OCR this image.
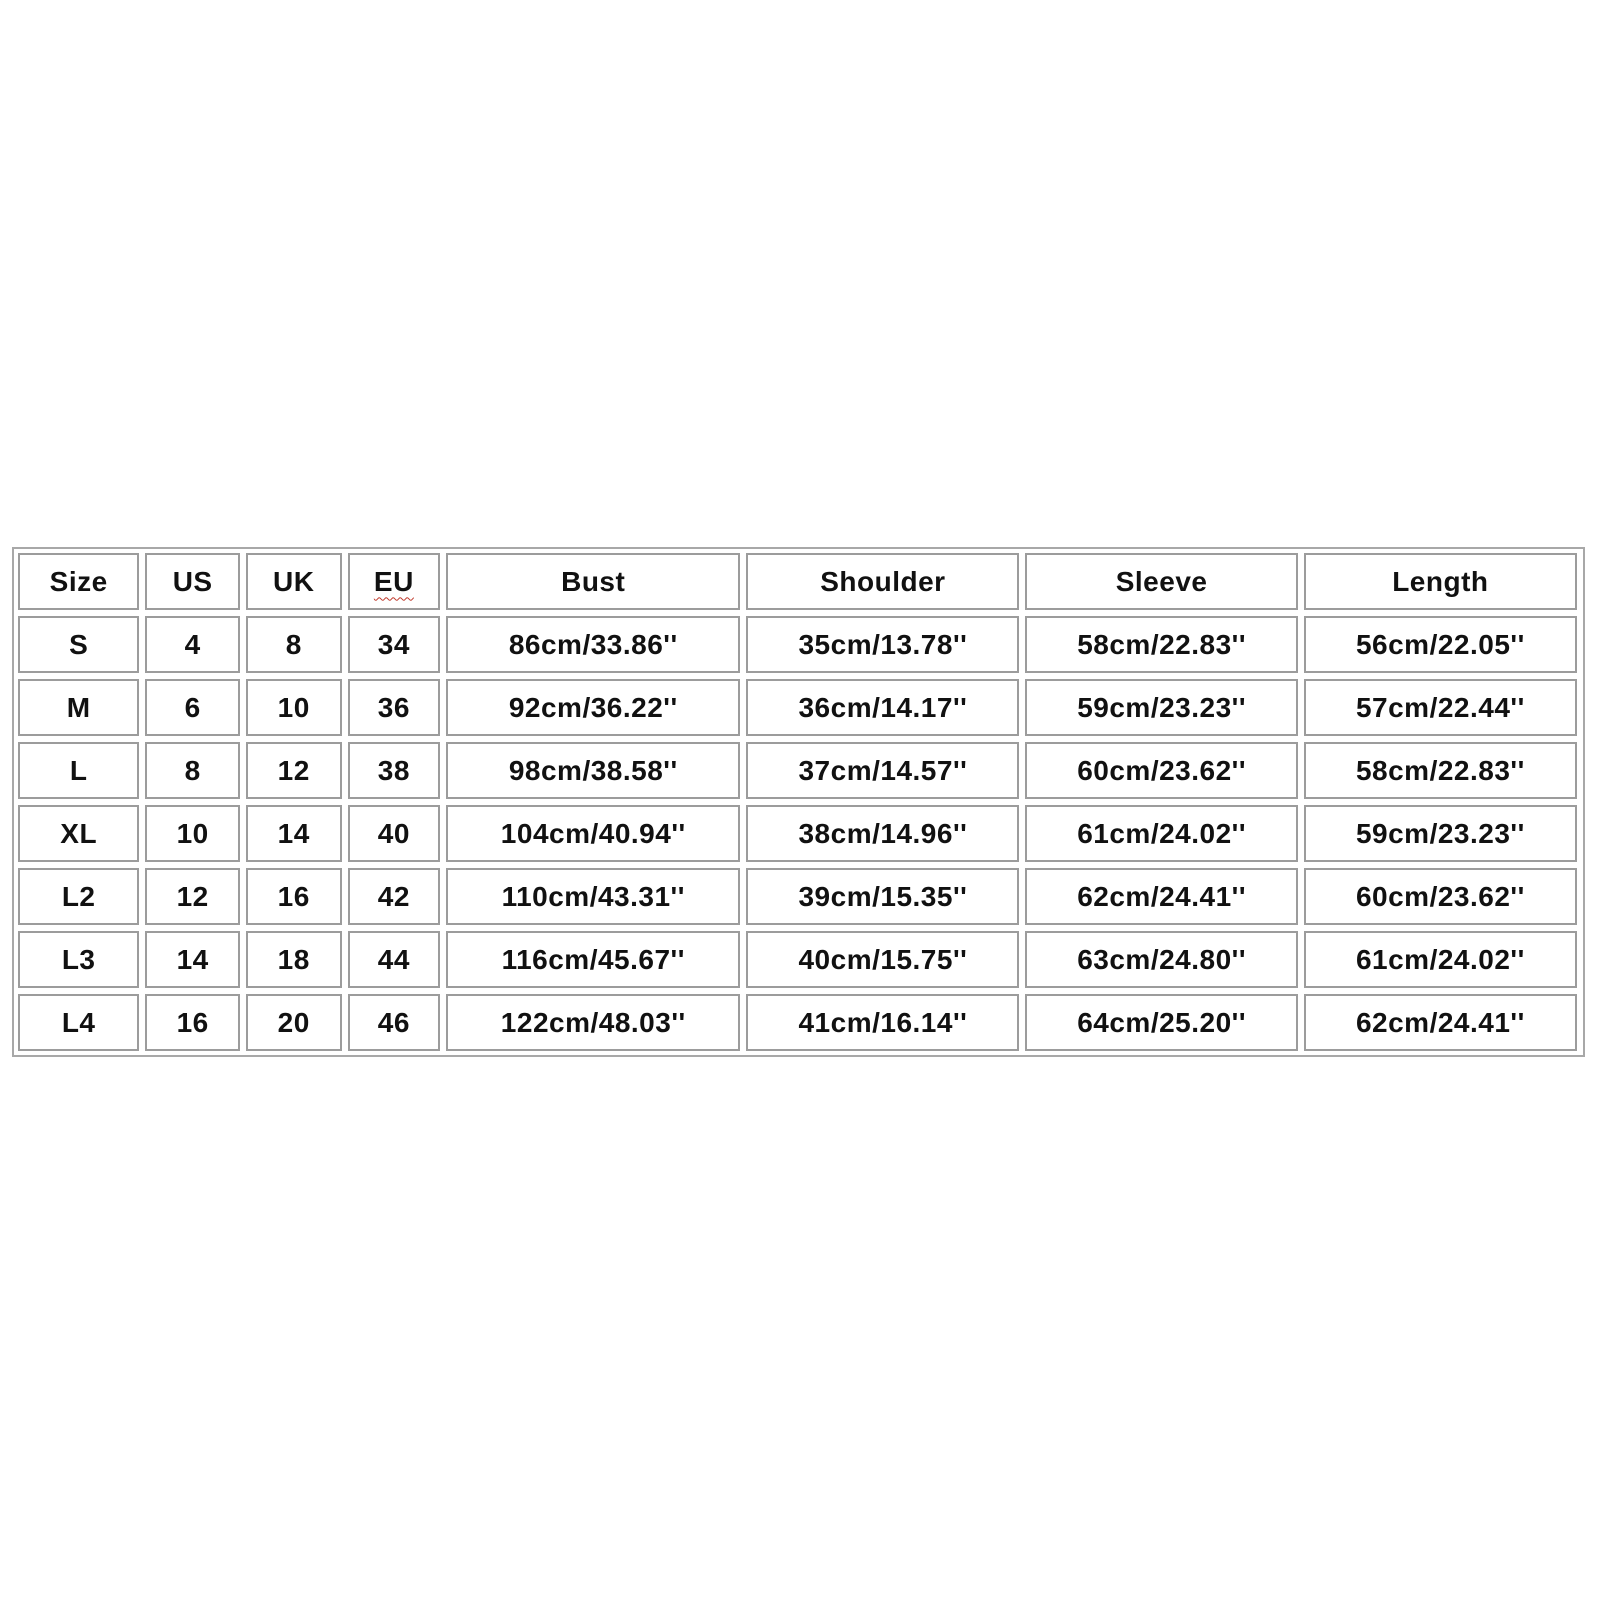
Size	US	UK	EU	Bust	Shoulder	Sleeve	Length
S	4	8	34	86cm/33.86''	35cm/13.78''	58cm/22.83''	56cm/22.05''
M	6	10	36	92cm/36.22''	36cm/14.17''	59cm/23.23''	57cm/22.44''
L	8	12	38	98cm/38.58''	37cm/14.57''	60cm/23.62''	58cm/22.83''
XL	10	14	40	104cm/40.94''	38cm/14.96''	61cm/24.02''	59cm/23.23''
L2	12	16	42	110cm/43.31''	39cm/15.35''	62cm/24.41''	60cm/23.62''
L3	14	18	44	116cm/45.67''	40cm/15.75''	63cm/24.80''	61cm/24.02''
L4	16	20	46	122cm/48.03''	41cm/16.14''	64cm/25.20''	62cm/24.41''
